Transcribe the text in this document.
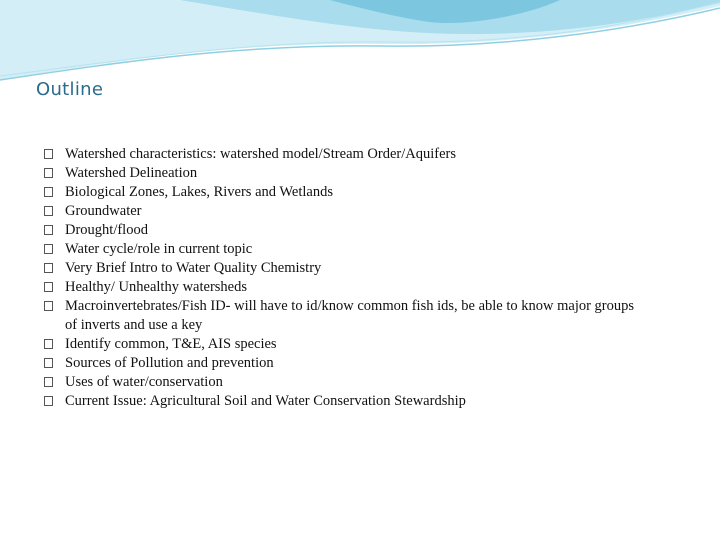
Outline
Watershed characteristics: watershed model/Stream Order/Aquifers
Watershed Delineation
Biological Zones, Lakes, Rivers and Wetlands
Groundwater
Drought/flood
Water cycle/role in current topic
Very Brief Intro to Water Quality Chemistry
Healthy/ Unhealthy watersheds
Macroinvertebrates/Fish ID- will have to id/know common fish ids, be able to know major groups of inverts and use a key
Identify common, T&E, AIS species
Sources of Pollution and prevention
Uses of water/conservation
Current Issue: Agricultural Soil and Water Conservation Stewardship
